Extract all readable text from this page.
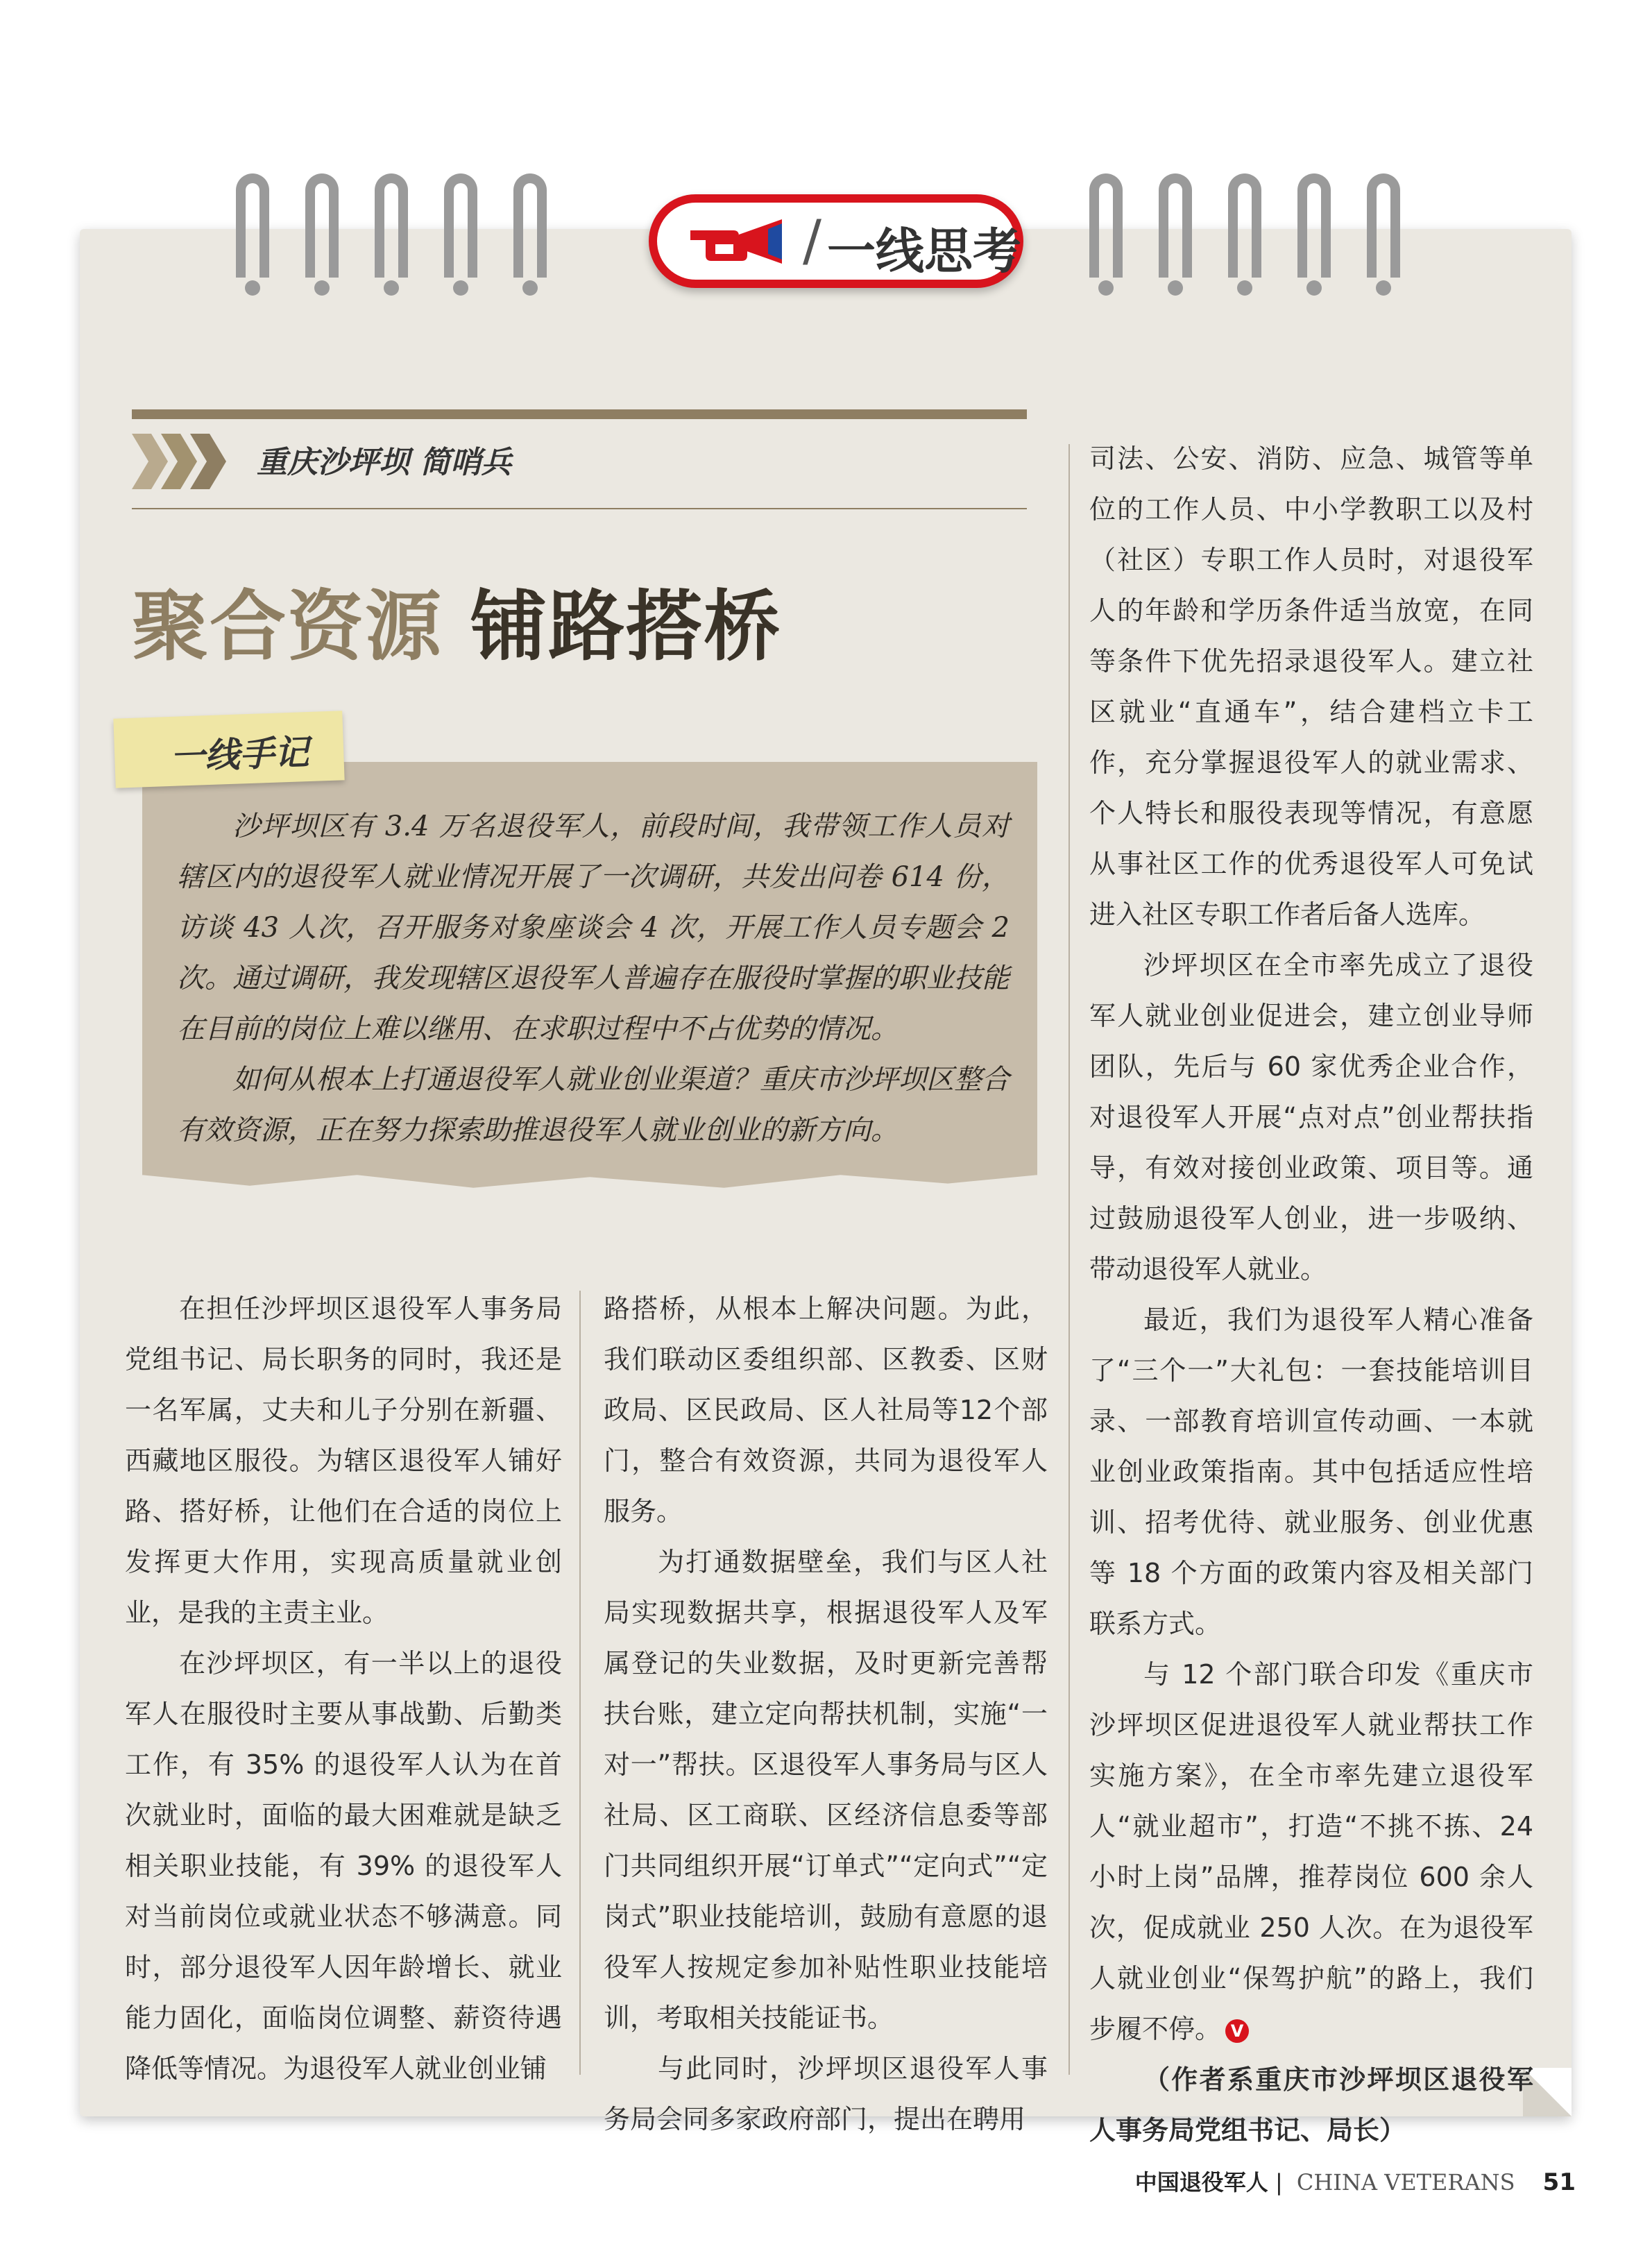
/ 一线思考
重庆沙坪坝 简哨兵
聚合资源 铺路搭桥
一线手记

沙坪坝区有 3.4 万名退役军人，前段时间，我带领工作人员对辖区内的退役军人就业情况开展了一次调研，共发出问卷 614 份，访谈 43 人次，召开服务对象座谈会 4 次，开展工作人员专题会 2 次。通过调研，我发现辖区退役军人普遍存在服役时掌握的职业技能在目前的岗位上难以继用、在求职过程中不占优势的情况。

如何从根本上打通退役军人就业创业渠道？重庆市沙坪坝区整合有效资源，正在努力探索助推退役军人就业创业的新方向。

在担任沙坪坝区退役军人事务局党组书记、局长职务的同时，我还是一名军属，丈夫和儿子分别在新疆、西藏地区服役。为辖区退役军人铺好路、搭好桥，让他们在合适的岗位上发挥更大作用，实现高质量就业创业，是我的主责主业。

在沙坪坝区，有一半以上的退役军人在服役时主要从事战勤、后勤类工作，有 35% 的退役军人认为在首次就业时，面临的最大困难就是缺乏相关职业技能，有 39% 的退役军人对当前岗位或就业状态不够满意。同时，部分退役军人因年龄增长、就业能力固化，面临岗位调整、薪资待遇降低等情况。为退役军人就业创业铺

路搭桥，从根本上解决问题。为此，我们联动区委组织部、区教委、区财政局、区民政局、区人社局等12个部门，整合有效资源，共同为退役军人服务。

为打通数据壁垒，我们与区人社局实现数据共享，根据退役军人及军属登记的失业数据，及时更新完善帮扶台账，建立定向帮扶机制，实施“一对一”帮扶。区退役军人事务局与区人社局、区工商联、区经济信息委等部门共同组织开展“订单式”“定向式”“定岗式”职业技能培训，鼓励有意愿的退役军人按规定参加补贴性职业技能培训，考取相关技能证书。

与此同时，沙坪坝区退役军人事务局会同多家政府部门，提出在聘用

司法、公安、消防、应急、城管等单位的工作人员、中小学教职工以及村（社区）专职工作人员时，对退役军人的年龄和学历条件适当放宽，在同等条件下优先招录退役军人。建立社区就业“直通车”，结合建档立卡工作，充分掌握退役军人的就业需求、个人特长和服役表现等情况，有意愿从事社区工作的优秀退役军人可免试进入社区专职工作者后备人选库。

沙坪坝区在全市率先成立了退役军人就业创业促进会，建立创业导师团队，先后与 60 家优秀企业合作，对退役军人开展“点对点”创业帮扶指导，有效对接创业政策、项目等。通过鼓励退役军人创业，进一步吸纳、带动退役军人就业。

最近，我们为退役军人精心准备了“三个一”大礼包：一套技能培训目录、一部教育培训宣传动画、一本就业创业政策指南。其中包括适应性培训、招考优待、就业服务、创业优惠等 18 个方面的政策内容及相关部门联系方式。

与 12 个部门联合印发《重庆市沙坪坝区促进退役军人就业帮扶工作实施方案》，在全市率先建立退役军人“就业超市”，打造“不挑不拣、24 小时上岗”品牌，推荐岗位 600 余人次，促成就业 250 人次。在为退役军人就业创业“保驾护航”的路上，我们步履不停。 V

（作者系重庆市沙坪坝区退役军人事务局党组书记、局长）

中国退役军人 | CHINA VETERANS 51
